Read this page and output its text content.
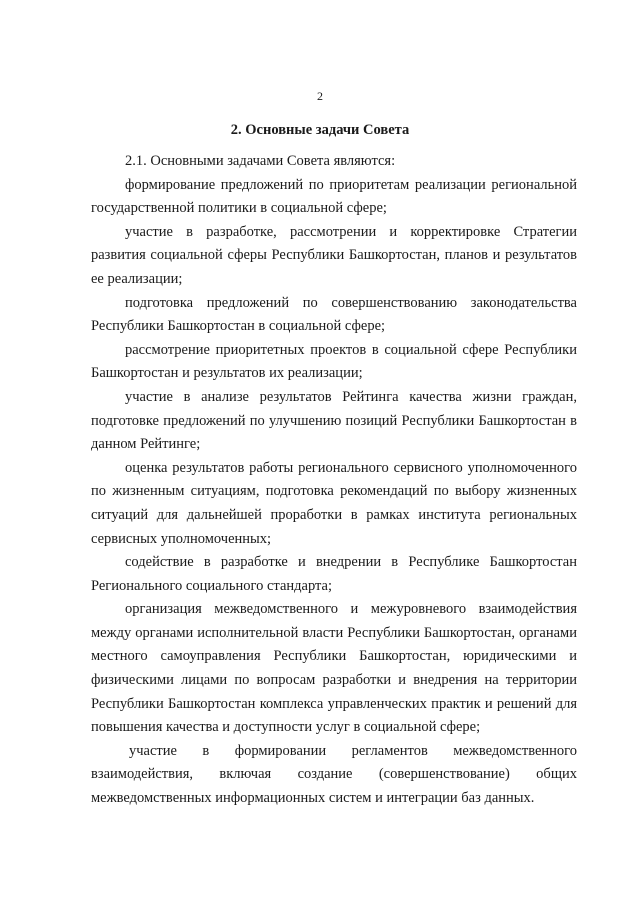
2
2. Основные задачи Совета

2.1. Основными задачами Совета являются:

формирование предложений по приоритетам реализации региональной государственной политики в социальной сфере;

участие в разработке, рассмотрении и корректировке Стратегии развития социальной сферы Республики Башкортостан, планов и результатов ее реализации;

подготовка предложений по совершенствованию законодательства Республики Башкортостан в социальной сфере;

рассмотрение приоритетных проектов в социальной сфере Республики Башкортостан и результатов их реализации;

участие в анализе результатов Рейтинга качества жизни граждан, подготовке предложений по улучшению позиций Республики Башкортостан в данном Рейтинге;

оценка результатов работы регионального сервисного уполномоченного по жизненным ситуациям, подготовка рекомендаций по выбору жизненных ситуаций для дальнейшей проработки в рамках института региональных сервисных уполномоченных;

содействие в разработке и внедрении в Республике Башкортостан Регионального социального стандарта;

организация межведомственного и межуровневого взаимодействия между органами исполнительной власти Республики Башкортостан, органами местного самоуправления Республики Башкортостан, юридическими и физическими лицами по вопросам разработки и внедрения на территории Республики Башкортостан комплекса управленческих практик и решений для повышения качества и доступности услуг в социальной сфере;

участие в формировании регламентов межведомственного взаимодействия, включая создание (совершенствование) общих межведомственных информационных систем и интеграции баз данных.
